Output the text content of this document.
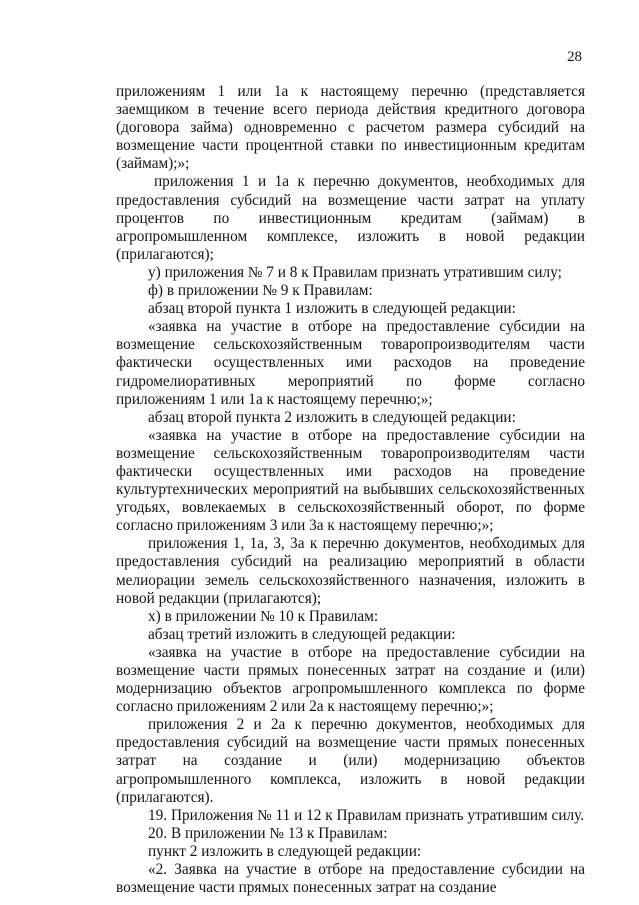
28

приложениям 1 или 1а к настоящему перечню (представляется заемщиком в течение всего периода действия кредитного договора (договора займа) одновременно с расчетом размера субсидий на возмещение части процентной ставки по инвестиционным кредитам (займам);»;

приложения 1 и 1а к перечню документов, необходимых для предоставления субсидий на возмещение части затрат на уплату процентов по инвестиционным кредитам (займам) в агропромышленном комплексе, изложить в новой редакции (прилагаются);

у) приложения № 7 и 8 к Правилам признать утратившим силу;

ф) в приложении № 9 к Правилам:

абзац второй пункта 1 изложить в следующей редакции:

«заявка на участие в отборе на предоставление субсидии на возмещение сельскохозяйственным товаропроизводителям части фактически осуществленных ими расходов на проведение гидромелиоративных мероприятий по форме согласно

приложениям 1 или 1а к настоящему перечню;»;

абзац второй пункта 2 изложить в следующей редакции:

«заявка на участие в отборе на предоставление субсидии на возмещение сельскохозяйственным товаропроизводителям части фактически осуществленных ими расходов на проведение культуртехнических мероприятий на выбывших сельскохозяйственных угодьях, вовлекаемых в сельскохозяйственный оборот, по форме согласно приложениям 3 или 3а к настоящему перечню;»;

приложения 1, 1а, 3, 3а к перечню документов, необходимых для предоставления субсидий на реализацию мероприятий в области мелиорации земель сельскохозяйственного назначения, изложить в новой редакции (прилагаются);

х) в приложении № 10 к Правилам:

абзац третий изложить в следующей редакции:

«заявка на участие в отборе на предоставление субсидии на возмещение части прямых понесенных затрат на создание и (или) модернизацию объектов агропромышленного комплекса по форме согласно приложениям 2 или 2а к настоящему перечню;»;

приложения 2 и 2а к перечню документов, необходимых для предоставления субсидий на возмещение части прямых понесенных затрат на создание и (или) модернизацию объектов агропромышленного комплекса, изложить в новой редакции (прилагаются).

19. Приложения № 11 и 12 к Правилам признать утратившим силу.

20. В приложении № 13 к Правилам:

пункт 2 изложить в следующей редакции:

«2. Заявка на участие в отборе на предоставление субсидии на возмещение части прямых понесенных затрат на создание
